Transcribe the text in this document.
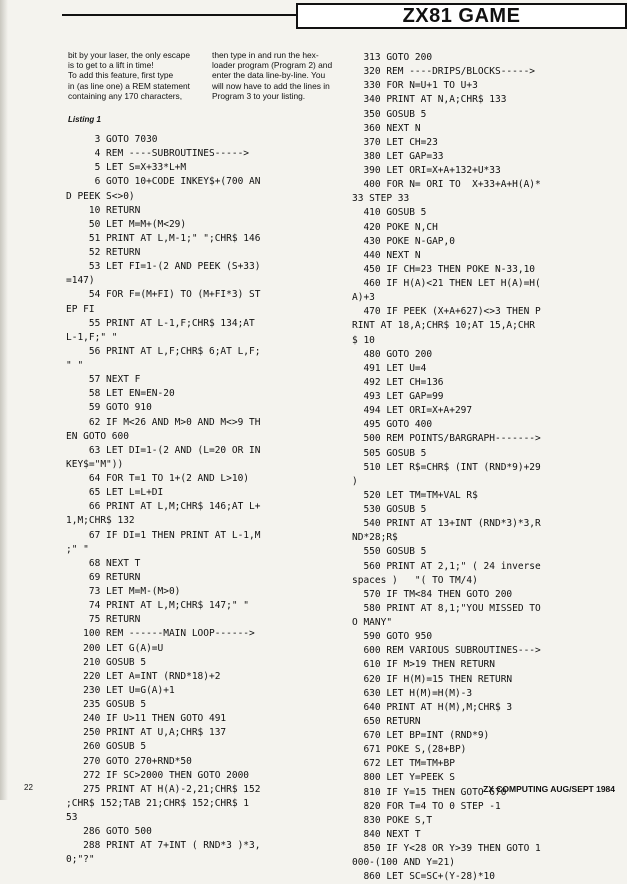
ZX81 GAME
bit by your laser, the only escape
is to get to a lift in time!
To add this feature, first type
in (as line one) a REM statement
containing any 170 characters,
then type in and run the hex-
loader program (Program 2) and
enter the data line-by-line. You
will now have to add the lines in
Program 3 to your listing.
Listing 1
3 GOTO 7030
4 REM ----SUBROUTINES----->
5 LET S=X+33*L+M
6 GOTO 10+CODE INKEY$+(700 AN
D PEEK S<>0)
10 RETURN
50 LET M=M+(M<29)
51 PRINT AT L,M-1;" ";CHR$ 146
52 RETURN
53 LET FI=1-(2 AND PEEK (S+33)
=147)
54 FOR F=(M+FI) TO (M+FI*3) ST
EP FI
55 PRINT AT L-1,F;CHR$ 134;AT
L-1,F;" "
56 PRINT AT L,F;CHR$ 6;AT L,F;
" "
57 NEXT F
58 LET EN=EN-20
59 GOTO 910
62 IF M<26 AND M>0 AND M<>9 TH
EN GOTO 600
63 LET DI=1-(2 AND (L=20 OR IN
KEY$="M"))
64 FOR T=1 TO 1+(2 AND L>10)
65 LET L=L+DI
66 PRINT AT L,M;CHR$ 146;AT L+
1,M;CHR$ 132
67 IF DI=1 THEN PRINT AT L-1,M
;" "
68 NEXT T
69 RETURN
73 LET M=M-(M>0)
74 PRINT AT L,M;CHR$ 147;" "
75 RETURN
100 REM ------MAIN LOOP------>
200 LET G(A)=U
210 GOSUB 5
220 LET A=INT (RND*18)+2
230 LET U=G(A)+1
235 GOSUB 5
240 IF U>11 THEN GOTO 491
250 PRINT AT U,A;CHR$ 137
260 GOSUB 5
270 GOTO 270+RND*50
272 IF SC>2000 THEN GOTO 2000
275 PRINT AT H(A)-2,21;CHR$ 152
;CHR$ 152;TAB 21;CHR$ 152;CHR$ 1
53
286 GOTO 500
288 PRINT AT 7+INT ( RND*3 )*3,
0;"?"
313 GOTO 200
320 REM ----DRIPS/BLOCKS----->
330 FOR N=U+1 TO U+3
340 PRINT AT N,A;CHR$ 133
350 GOSUB 5
360 NEXT N
370 LET CH=23
380 LET GAP=33
390 LET ORI=X+A+132+U*33
400 FOR N= ORI TO  X+33+A+H(A)*
33 STEP 33
410 GOSUB 5
420 POKE N,CH
430 POKE N-GAP,0
440 NEXT N
450 IF CH=23 THEN POKE N-33,10
460 IF H(A)<21 THEN LET H(A)=H(
A)+3
470 IF PEEK (X+A+627)<>3 THEN P
RINT AT 18,A;CHR$ 10;AT 15,A;CHR
$ 10
480 GOTO 200
491 LET U=4
492 LET CH=136
493 LET GAP=99
494 LET ORI=X+A+297
495 GOTO 400
500 REM POINTS/BARGRAPH------->
505 GOSUB 5
510 LET R$=CHR$ (INT (RND*9)+29
)
520 LET TM=TM+VAL R$
530 GOSUB 5
540 PRINT AT 13+INT (RND*3)*3,R
ND*28;R$
550 GOSUB 5
560 PRINT AT 2,1;" ( 24 inverse
spaces )   "( TO TM/4)
570 IF TM<84 THEN GOTO 200
580 PRINT AT 8,1;"YOU MISSED TO
O MANY"
590 GOTO 950
600 REM VARIOUS SUBROUTINES--->
610 IF M>19 THEN RETURN
620 IF H(M)=15 THEN RETURN
630 LET H(M)=H(M)-3
640 PRINT AT H(M),M;CHR$ 3
650 RETURN
670 LET BP=INT (RND*9)
671 POKE S,(28+BP)
672 LET TM=TM+BP
800 LET Y=PEEK S
810 IF Y=15 THEN GOTO 670
820 FOR T=4 TO 0 STEP -1
830 POKE S,T
840 NEXT T
850 IF Y<28 OR Y>39 THEN GOTO 1
000-(100 AND Y=21)
860 LET SC=SC+(Y-28)*10
22	ZX COMPUTING AUG/SEPT 1984
